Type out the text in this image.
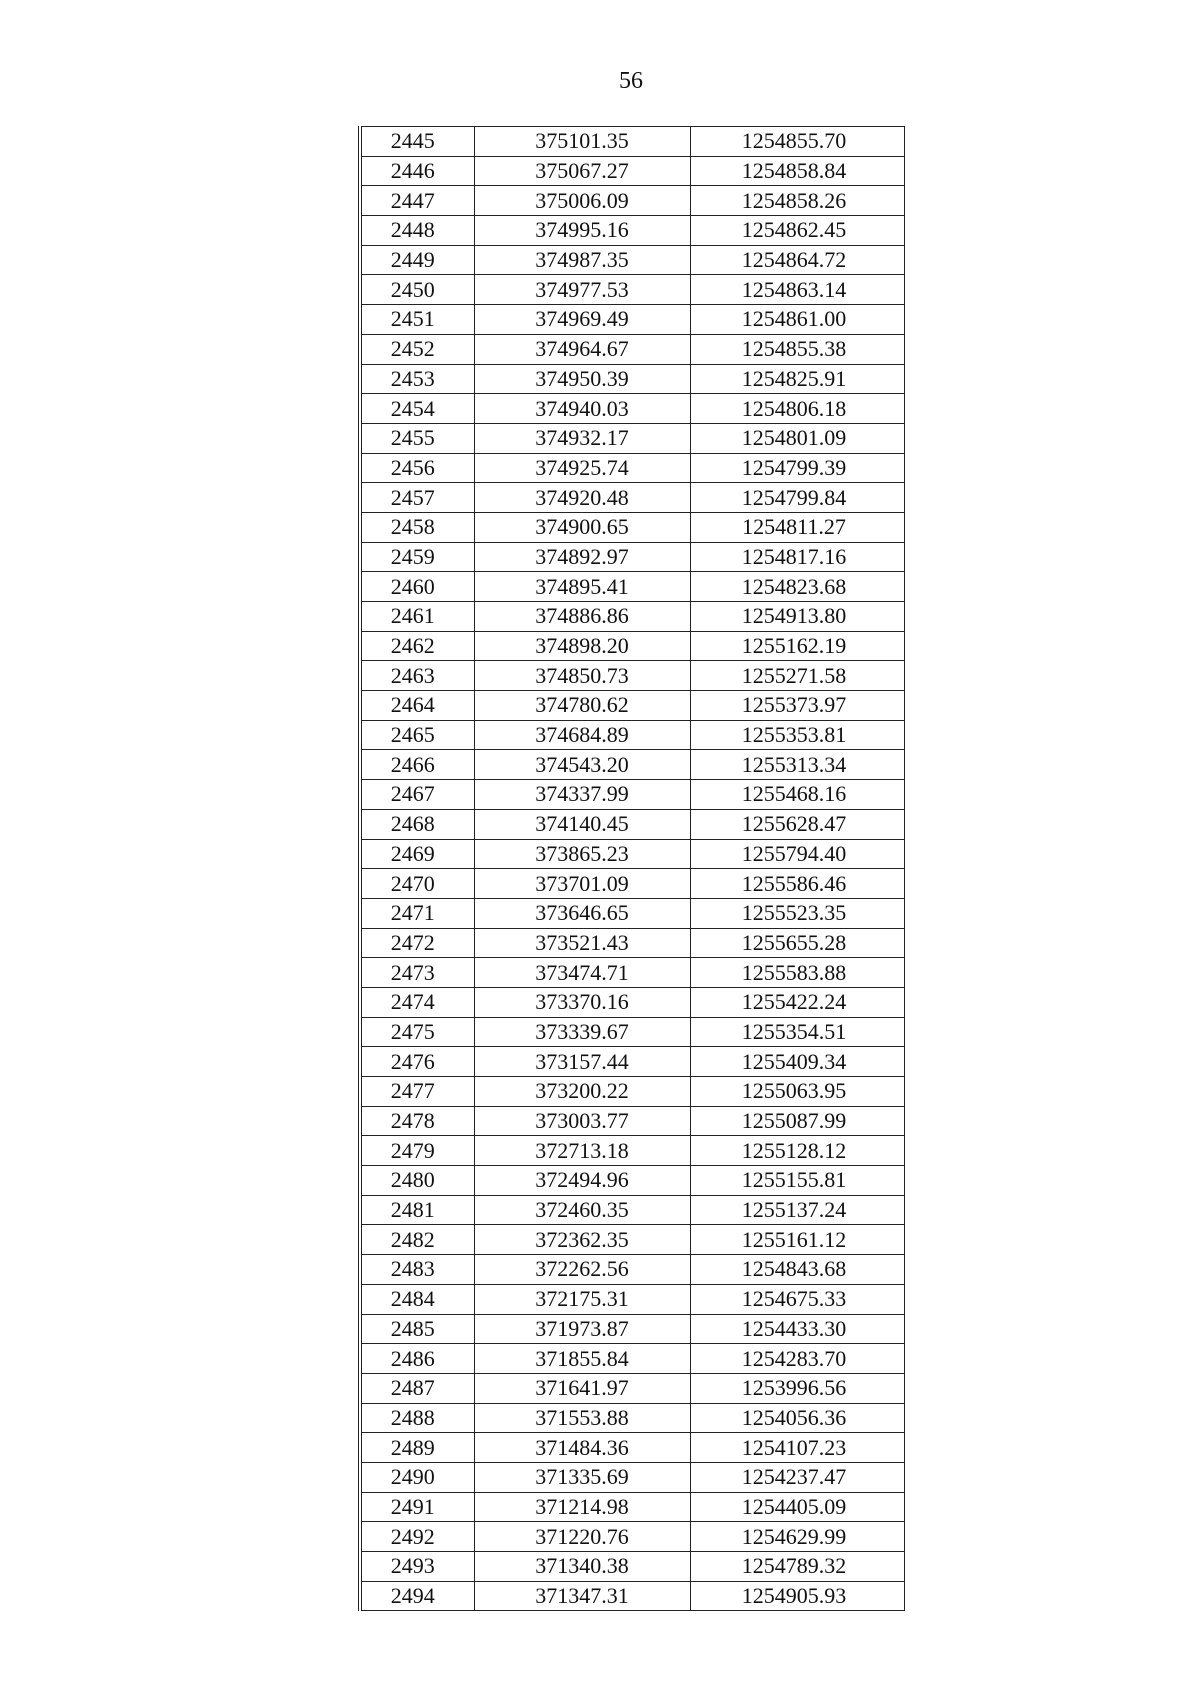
56
2445	375101.35	1254855.70
2446	375067.27	1254858.84
2447	375006.09	1254858.26
2448	374995.16	1254862.45
2449	374987.35	1254864.72
2450	374977.53	1254863.14
2451	374969.49	1254861.00
2452	374964.67	1254855.38
2453	374950.39	1254825.91
2454	374940.03	1254806.18
2455	374932.17	1254801.09
2456	374925.74	1254799.39
2457	374920.48	1254799.84
2458	374900.65	1254811.27
2459	374892.97	1254817.16
2460	374895.41	1254823.68
2461	374886.86	1254913.80
2462	374898.20	1255162.19
2463	374850.73	1255271.58
2464	374780.62	1255373.97
2465	374684.89	1255353.81
2466	374543.20	1255313.34
2467	374337.99	1255468.16
2468	374140.45	1255628.47
2469	373865.23	1255794.40
2470	373701.09	1255586.46
2471	373646.65	1255523.35
2472	373521.43	1255655.28
2473	373474.71	1255583.88
2474	373370.16	1255422.24
2475	373339.67	1255354.51
2476	373157.44	1255409.34
2477	373200.22	1255063.95
2478	373003.77	1255087.99
2479	372713.18	1255128.12
2480	372494.96	1255155.81
2481	372460.35	1255137.24
2482	372362.35	1255161.12
2483	372262.56	1254843.68
2484	372175.31	1254675.33
2485	371973.87	1254433.30
2486	371855.84	1254283.70
2487	371641.97	1253996.56
2488	371553.88	1254056.36
2489	371484.36	1254107.23
2490	371335.69	1254237.47
2491	371214.98	1254405.09
2492	371220.76	1254629.99
2493	371340.38	1254789.32
2494	371347.31	1254905.93
